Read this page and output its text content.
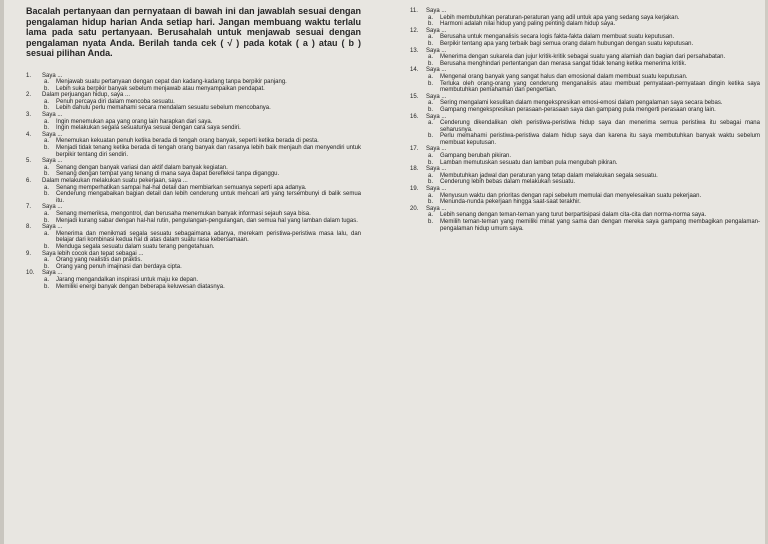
Bacalah pertanyaan dan pernyataan di bawah ini dan jawablah sesuai dengan pengalaman hidup harian Anda setiap hari. Jangan membuang waktu terlalu lama pada satu pertanyaan. Berusahalah untuk menjawab sesuai dengan pengalaman nyata Anda. Berilah tanda cek ( √ ) pada kotak ( a ) atau ( b ) sesuai pilihan Anda.
1.	Saya ...
a.	Menjawab suatu pertanyaan dengan cepat dan kadang-kadang tanpa berpikir panjang.
b.	Lebih suka berpikir banyak sebelum menjawab atau menyampaikan pendapat.
2.	Dalam perjuangan hidup, saya ...
a.	Penuh percaya diri dalam mencoba sesuatu.
b.	Lebih dahulu perlu memahami secara mendalam sesuatu sebelum mencobanya.
3.	Saya ...
a.	Ingin menemukan apa yang orang lain harapkan dari saya.
b.	Ingin melakukan segala sesuatunya sesuai dengan cara saya sendiri.
4.	Saya ...
a.	Menemukan kekuatan penuh ketika berada di tengah orang banyak, seperti ketika berada di pesta.
b.	Menjadi tidak tenang ketika berada di tengah orang banyak dan rasanya lebih baik menjauh dan menyendiri untuk berpikir tentang diri sendiri.
5.	Saya ...
a.	Senang dengan banyak variasi dan aktif dalam banyak kegiatan.
b.	Senang dengan tempat yang tenang di mana saya dapat berefleksi tanpa diganggu.
6.	Dalam melakukan melakukan suatu pekerjaan, saya ...
a.	Senang memperhatikan sampai hal-hal detail dan membiarkan semuanya seperti apa adanya.
b.	Cenderung mengabaikan bagian detail dan lebih cenderung untuk mencari arti yang tersembunyi di balik semua itu.
7.	Saya ...
a.	Senang memeriksa, mengontrol, dan berusaha menemukan banyak informasi sejauh saya bisa.
b.	Menjadi kurang sabar dengan hal-hal rutin, pengulangan-pengulangan, dan semua hal yang lamban dalam tugas.
8.	Saya ...
a.	Menerima dan menikmati segala sesuatu sebagaimana adanya, merekam peristiwa-peristiwa masa lalu, dan belajar dari kombinasi kedua hal di atas dalam suatu rasa kebersamaan.
b.	Menduga segala sesuatu dalam suatu terang pengetahuan.
9.	Saya lebih cocok dan tepat sebagai ...
a.	Orang yang realistis dan praktis.
b.	Orang yang penuh imajinasi dan berdaya cipta.
10.	Saya ...
a.	Jarang mengandalkan inspirasi untuk maju ke depan.
b.	Memiliki energi banyak dengan beberapa keluwesan diatasnya.
11.	Saya ...
a.	Lebih membutuhkan peraturan-peraturan yang adil untuk apa yang sedang saya kerjakan.
b.	Harmoni adalah nilai hidup yang paling penting dalam hidup saya.
12.	Saya ...
a.	Berusaha untuk menganalisis secara logis fakta-fakta dalam membuat suatu keputusan.
b.	Berpikir tentang apa yang terbaik bagi semua orang dalam hubungan dengan suatu keputusan.
13.	Saya ...
a.	Menerima dengan sukarela dan jujur kritik-kritik sebagai suatu yang alamiah dan bagian dari persahabatan.
b.	Berusaha menghindari pertentangan dan merasa sangat tidak tenang ketika menerima kritik.
14.	Saya ...
a.	Mengenal orang banyak yang sangat halus dan emosional dalam membuat suatu keputusan.
b.	Terluka oleh orang-orang yang cenderung menganalisis atau membuat pernyataan-pernyataan dingin ketika saya membutuhkan pemahaman dan pengertian.
15.	Saya ...
a.	Sering mengalami kesulitan dalam mengekspresikan emosi-emosi dalam pengalaman saya secara bebas.
b.	Gampang mengekspresikan perasaan-perasaan saya dan gampang pula mengerti perasaan orang lain.
16.	Saya ...
a.	Cenderung dikendalikan oleh peristiwa-peristiwa hidup saya dan menerima semua peristiwa itu sebagai mana seharusnya.
b.	Perlu memahami peristiwa-peristiwa dalam hidup saya dan karena itu saya membutuhkan banyak waktu sebelum membuat keputusan.
17.	Saya ...
a.	Gampang berubah pikiran.
b.	Lamban memutuskan sesuatu dan lamban pula mengubah pikiran.
18.	Saya ...
a.	Membutuhkan jadwal dan peraturan yang tetap dalam melakukan segala sesuatu.
b.	Cenderung lebih bebas dalam melakukan sesuatu.
19.	Saya ...
a.	Menyusun waktu dan prioritas dengan rapi sebelum memulai dan menyelesaikan suatu pekerjaan.
b.	Menunda-nunda pekerjaan hingga saat-saat terakhir.
20.	Saya ...
a.	Lebih senang dengan teman-teman yang turut berpartisipasi dalam cita-cita dan norma-norma saya.
b.	Memilih teman-teman yang memiliki minat yang sama dan dengan mereka saya gampang membagikan pengalaman-pengalaman hidup umum saya.
